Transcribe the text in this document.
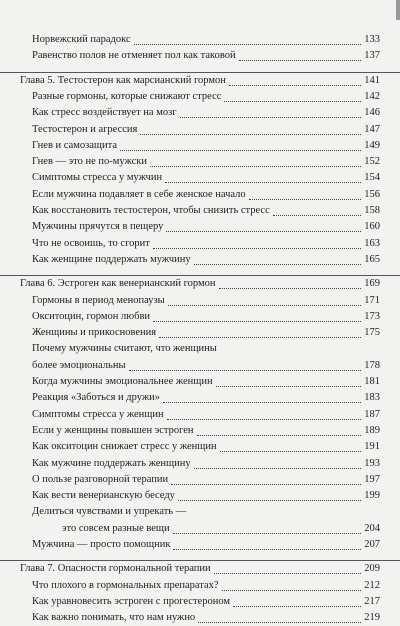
Норвежский парадокс	133
Равенство полов не отменяет пол как таковой	137
Глава 5. Тестостерон как марсианский гормон	141
Разные гормоны, которые снижают стресс	142
Как стресс воздействует на мозг	146
Тестостерон и агрессия	147
Гнев и самозащита	149
Гнев — это не по-мужски	152
Симптомы стресса у мужчин	154
Если мужчина подавляет в себе женское начало	156
Как восстановить тестостерон, чтобы снизить стресс	158
Мужчины прячутся в пещеру	160
Что не освоишь, то сгорит	163
Как женщине поддержать мужчину	165
Глава 6. Эстроген как венерианский гормон	169
Гормоны в период менопаузы	171
Окситоцин, гормон любви	173
Женщины и прикосновения	175
Почему мужчины считают, что женщины
более эмоциональны	178
Когда мужчины эмоциональнее женщин	181
Реакция «Заботься и дружи»	183
Симптомы стресса у женщин	187
Если у женщины повышен эстроген	189
Как окситоцин снижает стресс у женщин	191
Как мужчине поддержать женщину	193
О пользе разговорной терапии	197
Как вести венерианскую беседу	199
Делиться чувствами и упрекать —
это совсем разные вещи	204
Мужчина — просто помощник	207
Глава 7. Опасности гормональной терапии	209
Что плохого в гормональных препаратах?	212
Как уравновесить эстроген с прогестероном	217
Как важно понимать, что нам нужно	219
